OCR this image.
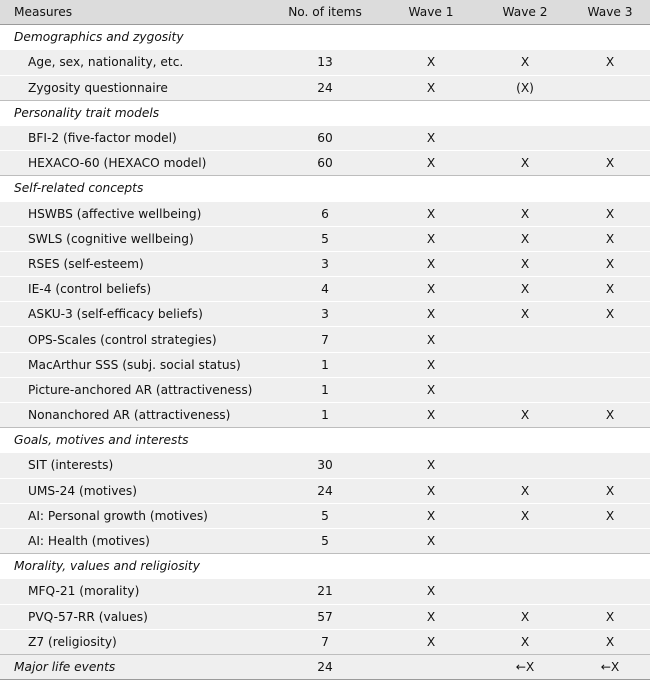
Measures	No. of items	Wave 1	Wave 2	Wave 3
Demographics and zygosity				
Age, sex, nationality, etc.	13	X	X	X
Zygosity questionnaire	24	X	(X)	
Personality trait models				
BFI-2 (five-factor model)	60	X		
HEXACO-60 (HEXACO model)	60	X	X	X
Self-related concepts				
HSWBS (affective wellbeing)	6	X	X	X
SWLS (cognitive wellbeing)	5	X	X	X
RSES (self-esteem)	3	X	X	X
IE-4 (control beliefs)	4	X	X	X
ASKU-3 (self-efficacy beliefs)	3	X	X	X
OPS-Scales (control strategies)	7	X		
MacArthur SSS (subj. social status)	1	X		
Picture-anchored AR (attractiveness)	1	X		
Nonanchored AR (attractiveness)	1	X	X	X
Goals, motives and interests				
SIT (interests)	30	X		
UMS-24 (motives)	24	X	X	X
AI: Personal growth (motives)	5	X	X	X
AI: Health (motives)	5	X		
Morality, values and religiosity				
MFQ-21 (morality)	21	X		
PVQ-57-RR (values)	57	X	X	X
Z7 (religiosity)	7	X	X	X
Major life events	24		←X	←X
